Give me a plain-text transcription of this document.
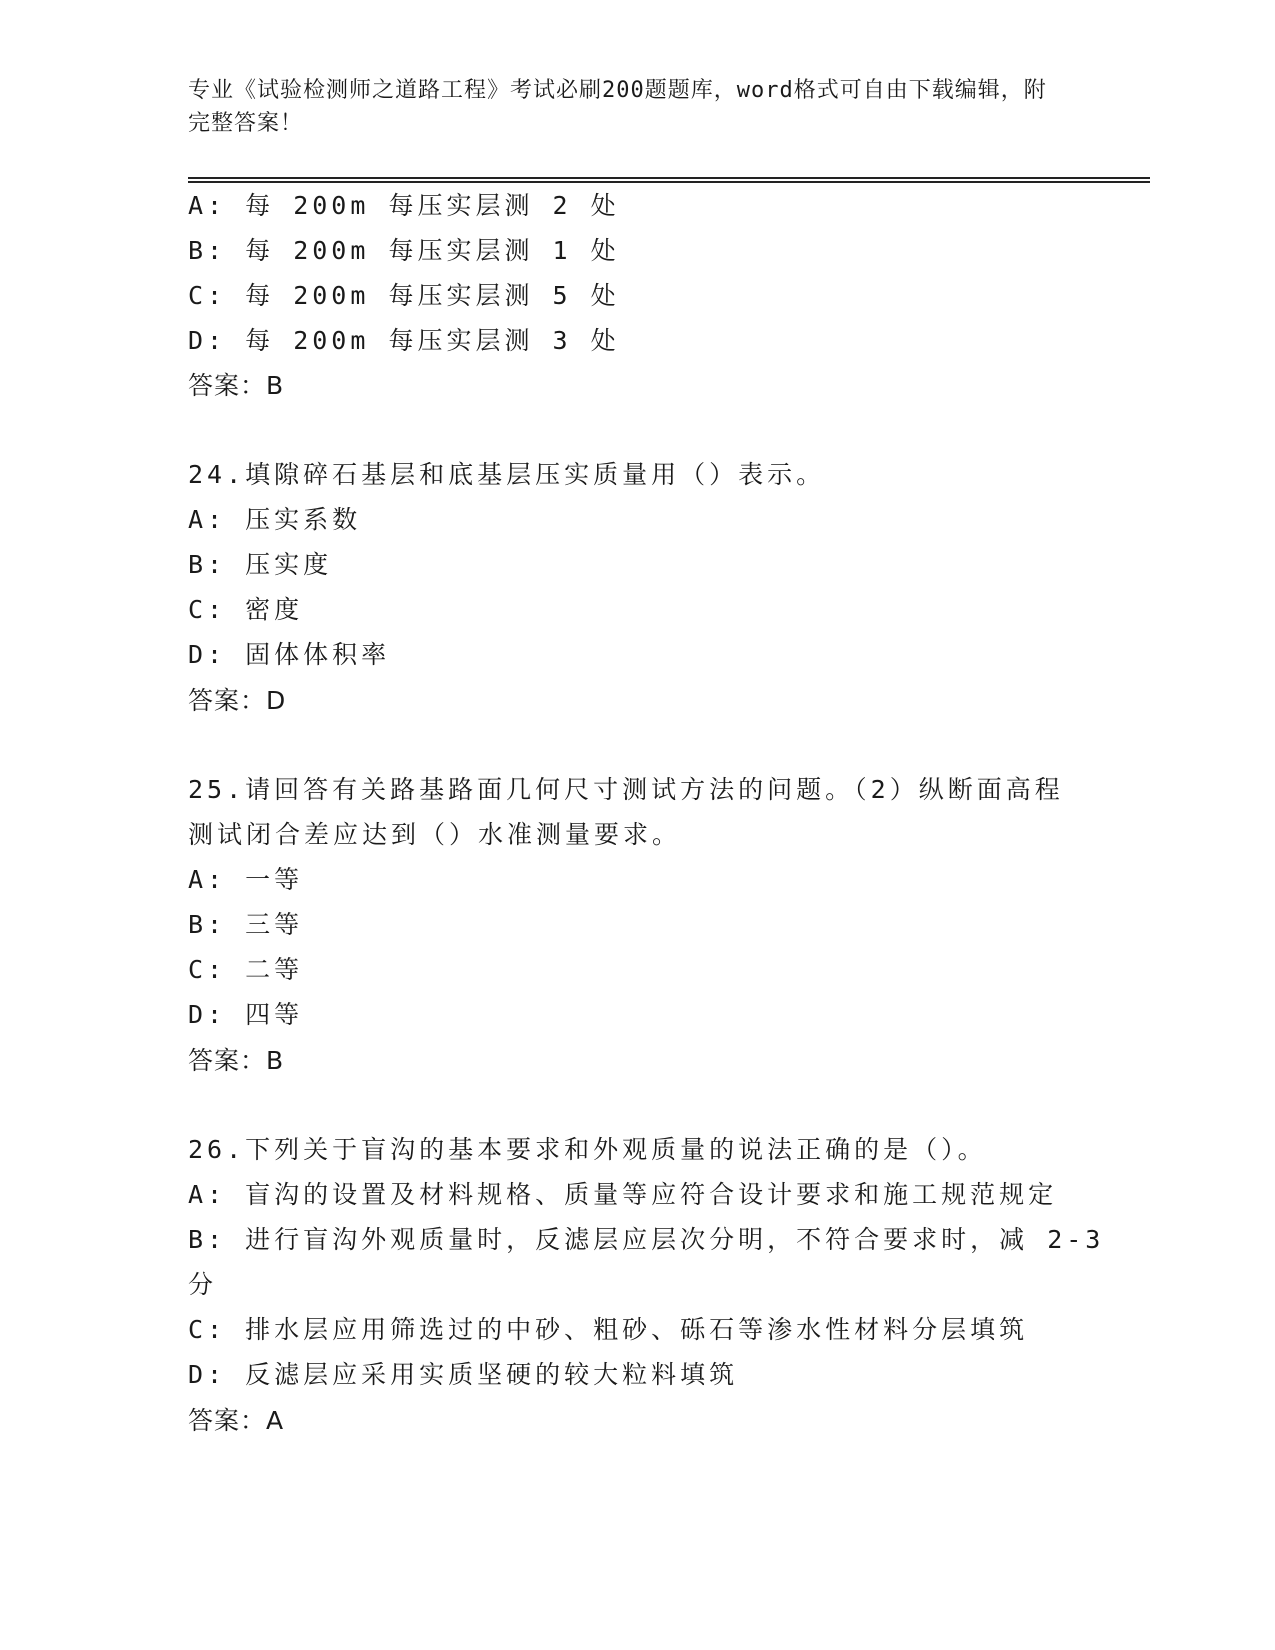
专业《试验检测师之道路工程》考试必刷200题题库，word格式可自由下载编辑，附完整答案！
A: 每 200m 每压实层测 2 处
B: 每 200m 每压实层测 1 处
C: 每 200m 每压实层测 5 处
D: 每 200m 每压实层测 3 处
答案：B
24.填隙碎石基层和底基层压实质量用（）表示。
A: 压实系数
B: 压实度
C: 密度
D: 固体体积率
答案：D
25.请回答有关路基路面几何尺寸测试方法的问题。（2）纵断面高程
测试闭合差应达到（）水准测量要求。
A: 一等
B: 三等
C: 二等
D: 四等
答案：B
26.下列关于盲沟的基本要求和外观质量的说法正确的是（）。
A: 盲沟的设置及材料规格、质量等应符合设计要求和施工规范规定
B: 进行盲沟外观质量时，反滤层应层次分明，不符合要求时，减 2-3
分
C: 排水层应用筛选过的中砂、粗砂、砾石等渗水性材料分层填筑
D: 反滤层应采用实质坚硬的较大粒料填筑
答案：A
